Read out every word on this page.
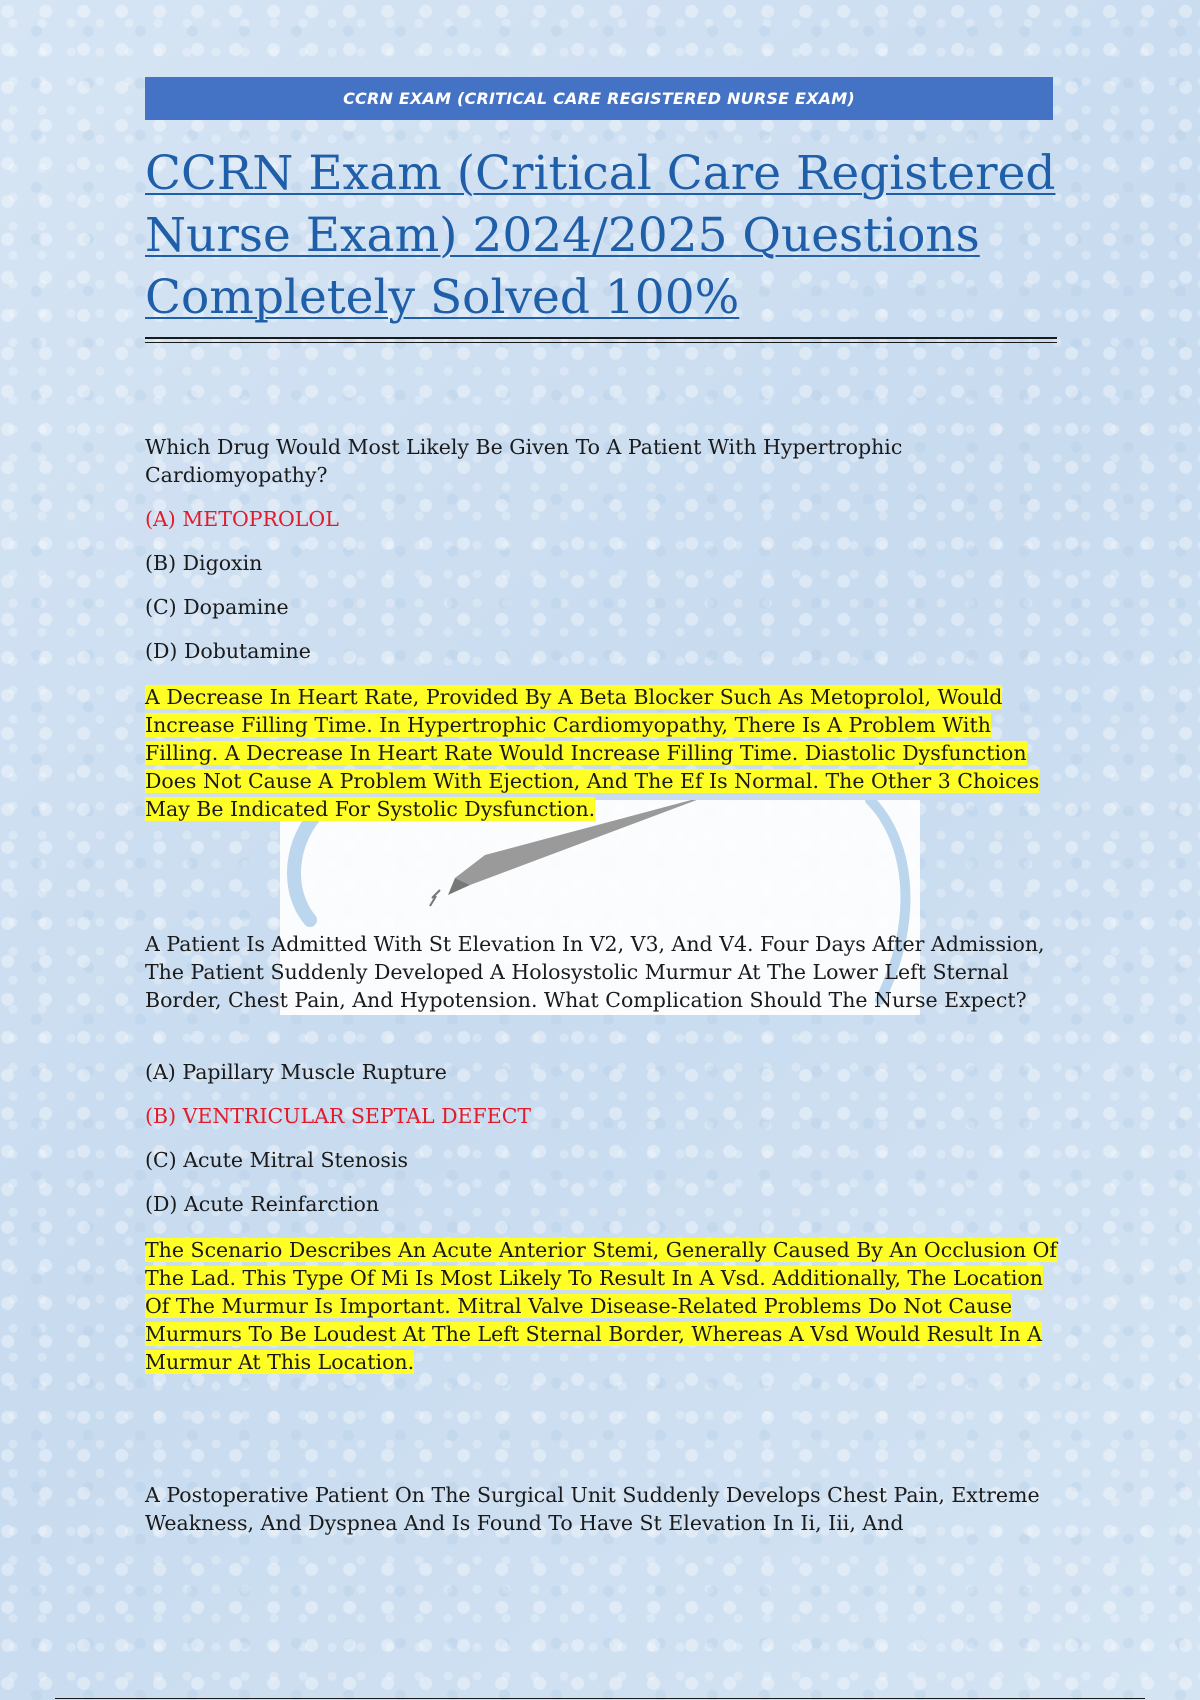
CCRN EXAM (CRITICAL CARE REGISTERED NURSE EXAM)
CCRN Exam (Critical Care Registered Nurse Exam) 2024/2025 Questions Completely Solved 100%

Which Drug Would Most Likely Be Given To A Patient With Hypertrophic Cardiomyopathy?

(A) METOPROLOL
(B) Digoxin
(C) Dopamine
(D) Dobutamine

A Decrease In Heart Rate, Provided By A Beta Blocker Such As Metoprolol, Would Increase Filling Time. In Hypertrophic Cardiomyopathy, There Is A Problem With Filling. A Decrease In Heart Rate Would Increase Filling Time. Diastolic Dysfunction Does Not Cause A Problem With Ejection, And The Ef Is Normal. The Other 3 Choices May Be Indicated For Systolic Dysfunction.

A Patient Is Admitted With St Elevation In V2, V3, And V4. Four Days After Admission, The Patient Suddenly Developed A Holosystolic Murmur At The Lower Left Sternal Border, Chest Pain, And Hypotension. What Complication Should The Nurse Expect?

(A) Papillary Muscle Rupture
(B) VENTRICULAR SEPTAL DEFECT
(C) Acute Mitral Stenosis
(D) Acute Reinfarction

The Scenario Describes An Acute Anterior Stemi, Generally Caused By An Occlusion Of The Lad. This Type Of Mi Is Most Likely To Result In A Vsd. Additionally, The Location Of The Murmur Is Important. Mitral Valve Disease-Related Problems Do Not Cause Murmurs To Be Loudest At The Left Sternal Border, Whereas A Vsd Would Result In A Murmur At This Location.

A Postoperative Patient On The Surgical Unit Suddenly Develops Chest Pain, Extreme Weakness, And Dyspnea And Is Found To Have St Elevation In Ii, Iii, And
